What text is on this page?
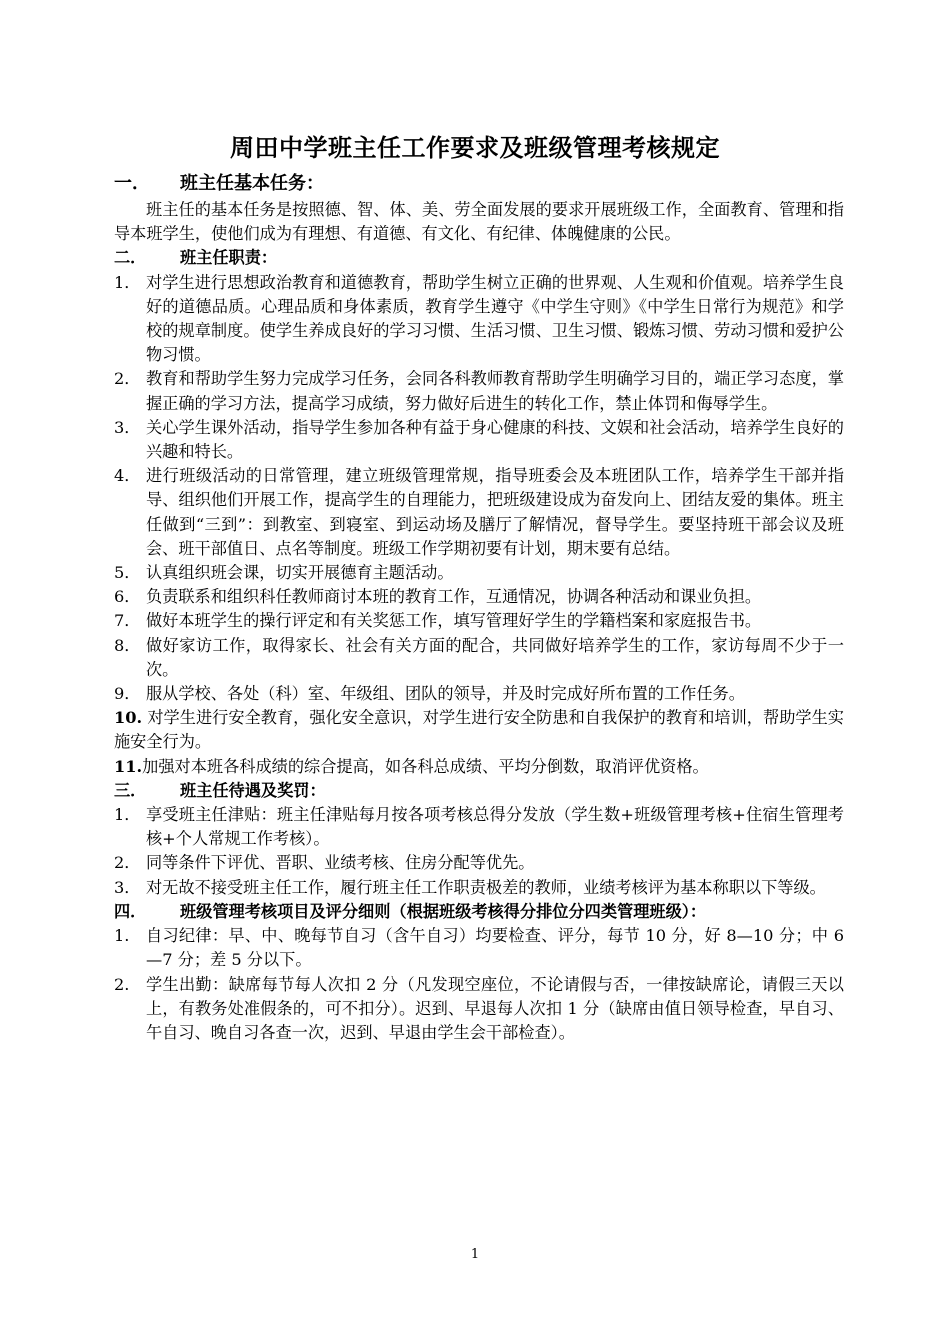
周田中学班主任工作要求及班级管理考核规定
一． 班主任基本任务：
班主任的基本任务是按照德、智、体、美、劳全面发展的要求开展班级工作，全面教育、管理和指导本班学生，使他们成为有理想、有道德、有文化、有纪律、体魄健康的公民。
二． 班主任职责：
1． 对学生进行思想政治教育和道德教育，帮助学生树立正确的世界观、人生观和价值观。培养学生良好的道德品质。心理品质和身体素质，教育学生遵守《中学生守则》《中学生日常行为规范》和学校的规章制度。使学生养成良好的学习习惯、生活习惯、卫生习惯、锻炼习惯、劳动习惯和爱护公物习惯。
2． 教育和帮助学生努力完成学习任务，会同各科教师教育帮助学生明确学习目的，端正学习态度，掌握正确的学习方法，提高学习成绩，努力做好后进生的转化工作，禁止体罚和侮辱学生。
3． 关心学生课外活动，指导学生参加各种有益于身心健康的科技、文娱和社会活动，培养学生良好的兴趣和特长。
4． 进行班级活动的日常管理，建立班级管理常规，指导班委会及本班团队工作，培养学生干部并指导、组织他们开展工作，提高学生的自理能力，把班级建设成为奋发向上、团结友爱的集体。班主任做到“三到”：到教室、到寝室、到运动场及膳厅了解情况，督导学生。要坚持班干部会议及班会、班干部值日、点名等制度。班级工作学期初要有计划，期末要有总结。
5． 认真组织班会课，切实开展德育主题活动。
6． 负责联系和组织科任教师商讨本班的教育工作，互通情况，协调各种活动和课业负担。
7． 做好本班学生的操行评定和有关奖惩工作，填写管理好学生的学籍档案和家庭报告书。
8． 做好家访工作，取得家长、社会有关方面的配合，共同做好培养学生的工作，家访每周不少于一次。
9． 服从学校、各处（科）室、年级组、团队的领导，并及时完成好所布置的工作任务。
10. 对学生进行安全教育，强化安全意识，对学生进行安全防患和自我保护的教育和培训，帮助学生实施安全行为。
11.加强对本班各科成绩的综合提高，如各科总成绩、平均分倒数，取消评优资格。
三． 班主任待遇及奖罚：
1． 享受班主任津贴：班主任津贴每月按各项考核总得分发放（学生数+班级管理考核+住宿生管理考核+个人常规工作考核）。
2． 同等条件下评优、晋职、业绩考核、住房分配等优先。
3． 对无故不接受班主任工作，履行班主任工作职责极差的教师，业绩考核评为基本称职以下等级。
四． 班级管理考核项目及评分细则（根据班级考核得分排位分四类管理班级）：
1.	自习纪律：早、中、晚每节自习（含午自习）均要检查、评分，每节 10 分，好 8—10 分；中 6—7 分；差 5 分以下。
2.	学生出勤：缺席每节每人次扣 2 分（凡发现空座位，不论请假与否，一律按缺席论，请假三天以上，有教务处准假条的，可不扣分）。迟到、早退每人次扣 1 分（缺席由值日领导检查，早自习、午自习、晚自习各查一次，迟到、早退由学生会干部检查）。
1
